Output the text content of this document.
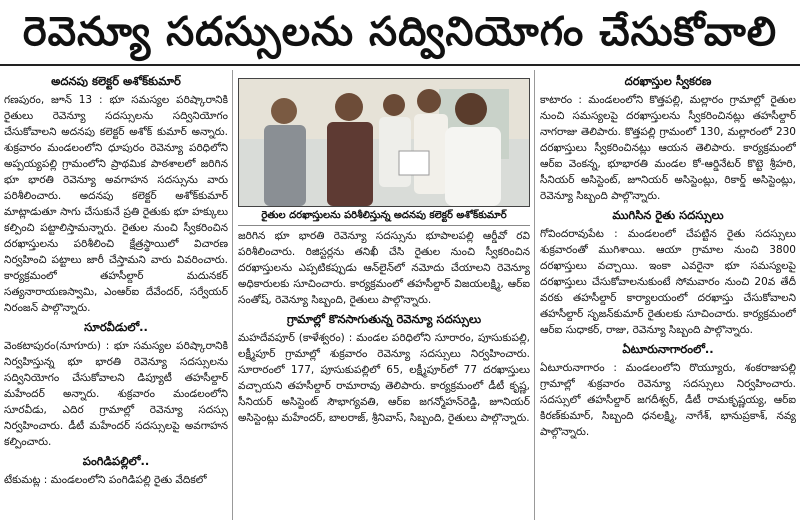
రెవెన్యూ సదస్సులను సద్వినియోగం చేసుకోవాలి
అదనపు కలెక్టర్ అశోక్‌కుమార్

గణపురం, జూన్ 13 : భూ సమస్యల పరిష్కారానికి రైతులు రెవెన్యూ సదస్సులను సద్వినియోగం చేసుకోవాలని అదనపు కలెక్టర్ అశోక్ కుమార్ అన్నారు. శుక్రవారం మండలంలోని ధూపురం రెవెన్యూ పరిధిలోని అప్పయ్యపల్లి గ్రామంలోని ప్రాథమిక పాఠశాలలో జరిగిన భూ భారతి రెవెన్యూ అవగాహన సదస్సును వారు పరిశీలించారు. అదనపు కలెక్టర్ అశోక్‌కుమార్ మాట్లాడుతూ సాగు చేసుకునే ప్రతి రైతుకు భూ హక్కులు కల్పించి పట్టాలిస్తామన్నారు. రైతుల నుంచి స్వీకరించిన దరఖాస్తులను పరిశీలించి క్షేత్రస్థాయిలో విచారణ నిర్వహించి పట్టాలు జారీ చేస్తామని వారు వివరించారు. కార్యక్రమంలో తహసీల్దార్ మదునకర్ సత్యనారాయణస్వామి, ఎంఆర్ఐ దేవేందర్, సర్వేయర్ నిరంజన్ పాల్గొన్నారు.

సూరవీడులో..

వెంకటాపురం(నూగూరు) : భూ సమస్యల పరిష్కారానికి నిర్వహిస్తున్న భూ భారతి రెవెన్యూ సదస్సులను సద్వినియోగం చేసుకోవాలని డిప్యూటీ తహసీల్దార్ మహేందర్ అన్నారు. శుక్రవారం మండలంలోని సూరవీడు, ఎదిర గ్రామాల్లో రెవెన్యూ సదస్సు నిర్వహించారు. డీటీ మహేందర్ సదస్సులపై అవగాహన కల్పించారు.

పంగిడిపల్లిలో..

టేకుమట్ల : మండలంలోని పంగిడిపల్లి రైతు వేదికలో

రైతుల దరఖాస్తులను పరిశీలిస్తున్న అదనపు కలెక్టర్ అశోక్‌కుమార్

జరిగిన భూ భారతి రెవెన్యూ సదస్సును భూపాలపల్లి ఆర్డీవో రవి పరిశీలించారు. రిజిస్టర్లను తనిఖీ చేసి రైతుల నుంచి స్వీకరించిన దరఖాస్తులను ఎప్పటికప్పుడు ఆన్‌లైన్‌లో నమోదు చేయాలని రెవెన్యూ అధికారులకు సూచించారు. కార్యక్రమంలో తహసీల్దార్ విజయలక్ష్మి, ఆర్ఐ సంతోష్, రెవెన్యూ సిబ్బంది, రైతులు పాల్గొన్నారు.

గ్రామాల్లో కొనసాగుతున్న రెవెన్యూ సదస్సులు

మహదేవపూర్ (కాళేశ్వరం) : మండల పరిధిలోని సూరారం, పూసుకుపల్లి, లక్ష్మీపూర్ గ్రామాల్లో శుక్రవారం రెవెన్యూ సదస్సులు నిర్వహించారు. సూరారంలో 177, పూసుకుపల్లిలో 65, లక్ష్మీపూర్‌లో 77 దరఖాస్తులు వచ్చాయని తహసీల్దార్ రామారావు తెలిపారు. కార్యక్రమంలో డీటీ కృష్ణ, సీనియర్ అసిస్టెంట్ సౌభాగ్యవతి, ఆర్ఐ జగన్మోహన్‌రెడ్డి, జూనియర్ అసిస్టెంట్లు మహేందర్, బాలరాజ్, శ్రీనివాస్, సిబ్బంది, రైతులు పాల్గొన్నారు.

దరఖాస్తుల స్వీకరణ

కాటారం : మండలంలోని కొత్తపల్లి, మల్లారం గ్రామాల్లో రైతుల నుంచి సమస్యలపై దరఖాస్తులను స్వీకరించినట్లు తహసీల్దార్ నాగరాజు తెలిపారు. కొత్తపల్లి గ్రామంలో 130, మల్లారంలో 230 దరఖాస్తులు స్వీకరించినట్లు ఆయన తెలిపారు. కార్యక్రమంలో ఆర్ఐ వెంకన్న, భూభారతి మండల కో-ఆర్డినేటర్ కొట్టె శ్రీహరి, సీనియర్ అసిస్టెంట్, జూనియర్ అసిస్టెంట్లు, రికార్డ్ అసిస్టెంట్లు, రెవెన్యూ సిబ్బంది పాల్గొన్నారు.

ముగిసిన రైతు సదస్సులు

గోవిందరావుపేట : మండలంలో చేపట్టిన రైతు సదస్సులు శుక్రవారంతో ముగిశాయి. ఆయా గ్రామాల నుంచి 3800 దరఖాస్తులు వచ్చాయి. ఇంకా ఎవరైనా భూ సమస్యలపై దరఖాస్తులు చేసుకోవాలనుకుంటే సోమవారం నుంచి 20వ తేదీ వరకు తహసీల్దార్ కార్యాలయంలో దరఖాస్తు చేసుకోవాలని తహసీల్దార్ సృజన్‌కుమార్ రైతులకు సూచించారు. కార్యక్రమంలో ఆర్ఐ సుధాకర్, రాజు, రెవెన్యూ సిబ్బంది పాల్గొన్నారు.

ఏటూరునాగారంలో..

ఏటూరునాగారం : మండలంలోని రొయ్యూరు, శంకరాజుపల్లి గ్రామాల్లో శుక్రవారం రెవెన్యూ సదస్సులు నిర్వహించారు. సదస్సులో తహసీల్దార్ జగదీశ్వర్, డీటీ రామకృష్ణయ్య, ఆర్ఐ కిరణ్‌కుమార్, సిబ్బంది ధనలక్ష్మి, నాగేశ్, భానుప్రకాశ్, నవ్య పాల్గొన్నారు.
